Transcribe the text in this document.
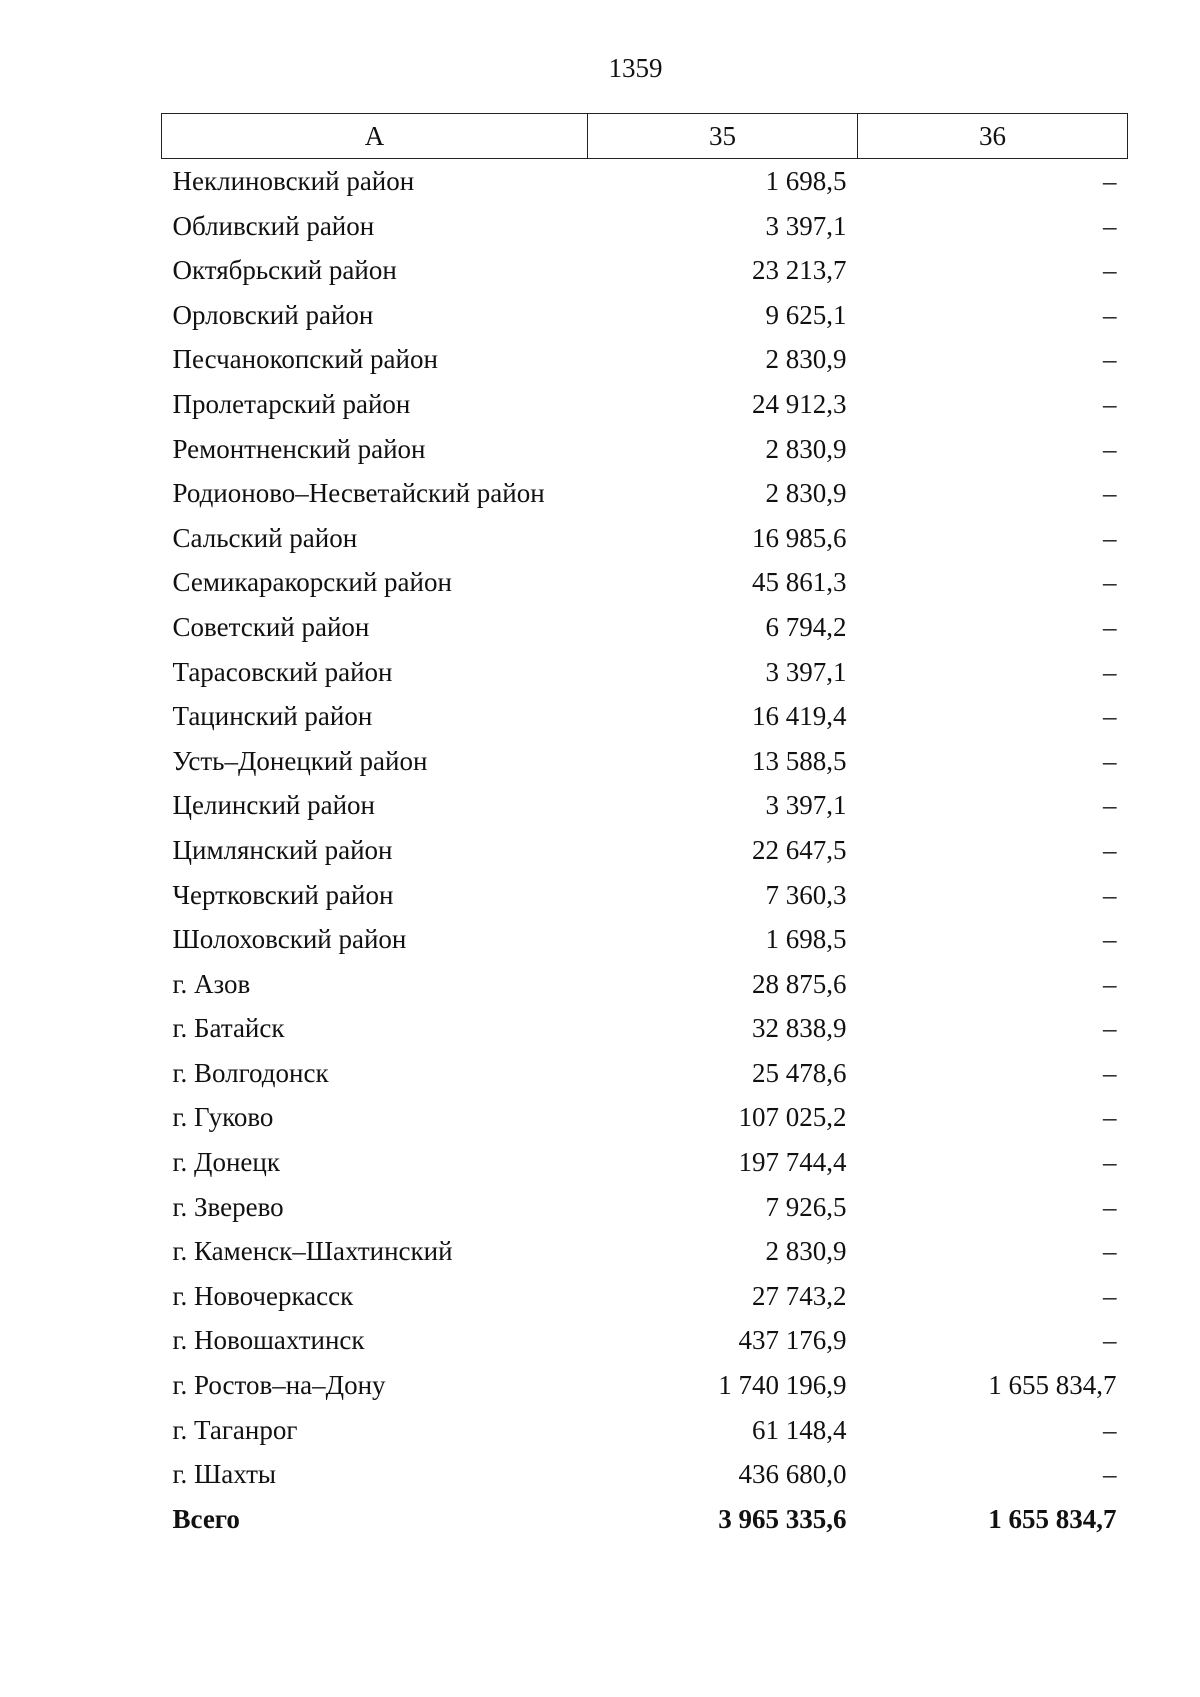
1359
А	35	36
Неклиновский район	1 698,5	–
Обливский район	3 397,1	–
Октябрьский район	23 213,7	–
Орловский район	9 625,1	–
Песчанокопский район	2 830,9	–
Пролетарский район	24 912,3	–
Ремонтненский район	2 830,9	–
Родионово–Несветайский район	2 830,9	–
Сальский район	16 985,6	–
Семикаракорский район	45 861,3	–
Советский район	6 794,2	–
Тарасовский район	3 397,1	–
Тацинский район	16 419,4	–
Усть–Донецкий район	13 588,5	–
Целинский район	3 397,1	–
Цимлянский район	22 647,5	–
Чертковский район	7 360,3	–
Шолоховский район	1 698,5	–
г. Азов	28 875,6	–
г. Батайск	32 838,9	–
г. Волгодонск	25 478,6	–
г. Гуково	107 025,2	–
г. Донецк	197 744,4	–
г. Зверево	7 926,5	–
г. Каменск–Шахтинский	2 830,9	–
г. Новочеркасск	27 743,2	–
г. Новошахтинск	437 176,9	–
г. Ростов–на–Дону	1 740 196,9	1 655 834,7
г. Таганрог	61 148,4	–
г. Шахты	436 680,0	–
Всего	3 965 335,6	1 655 834,7
